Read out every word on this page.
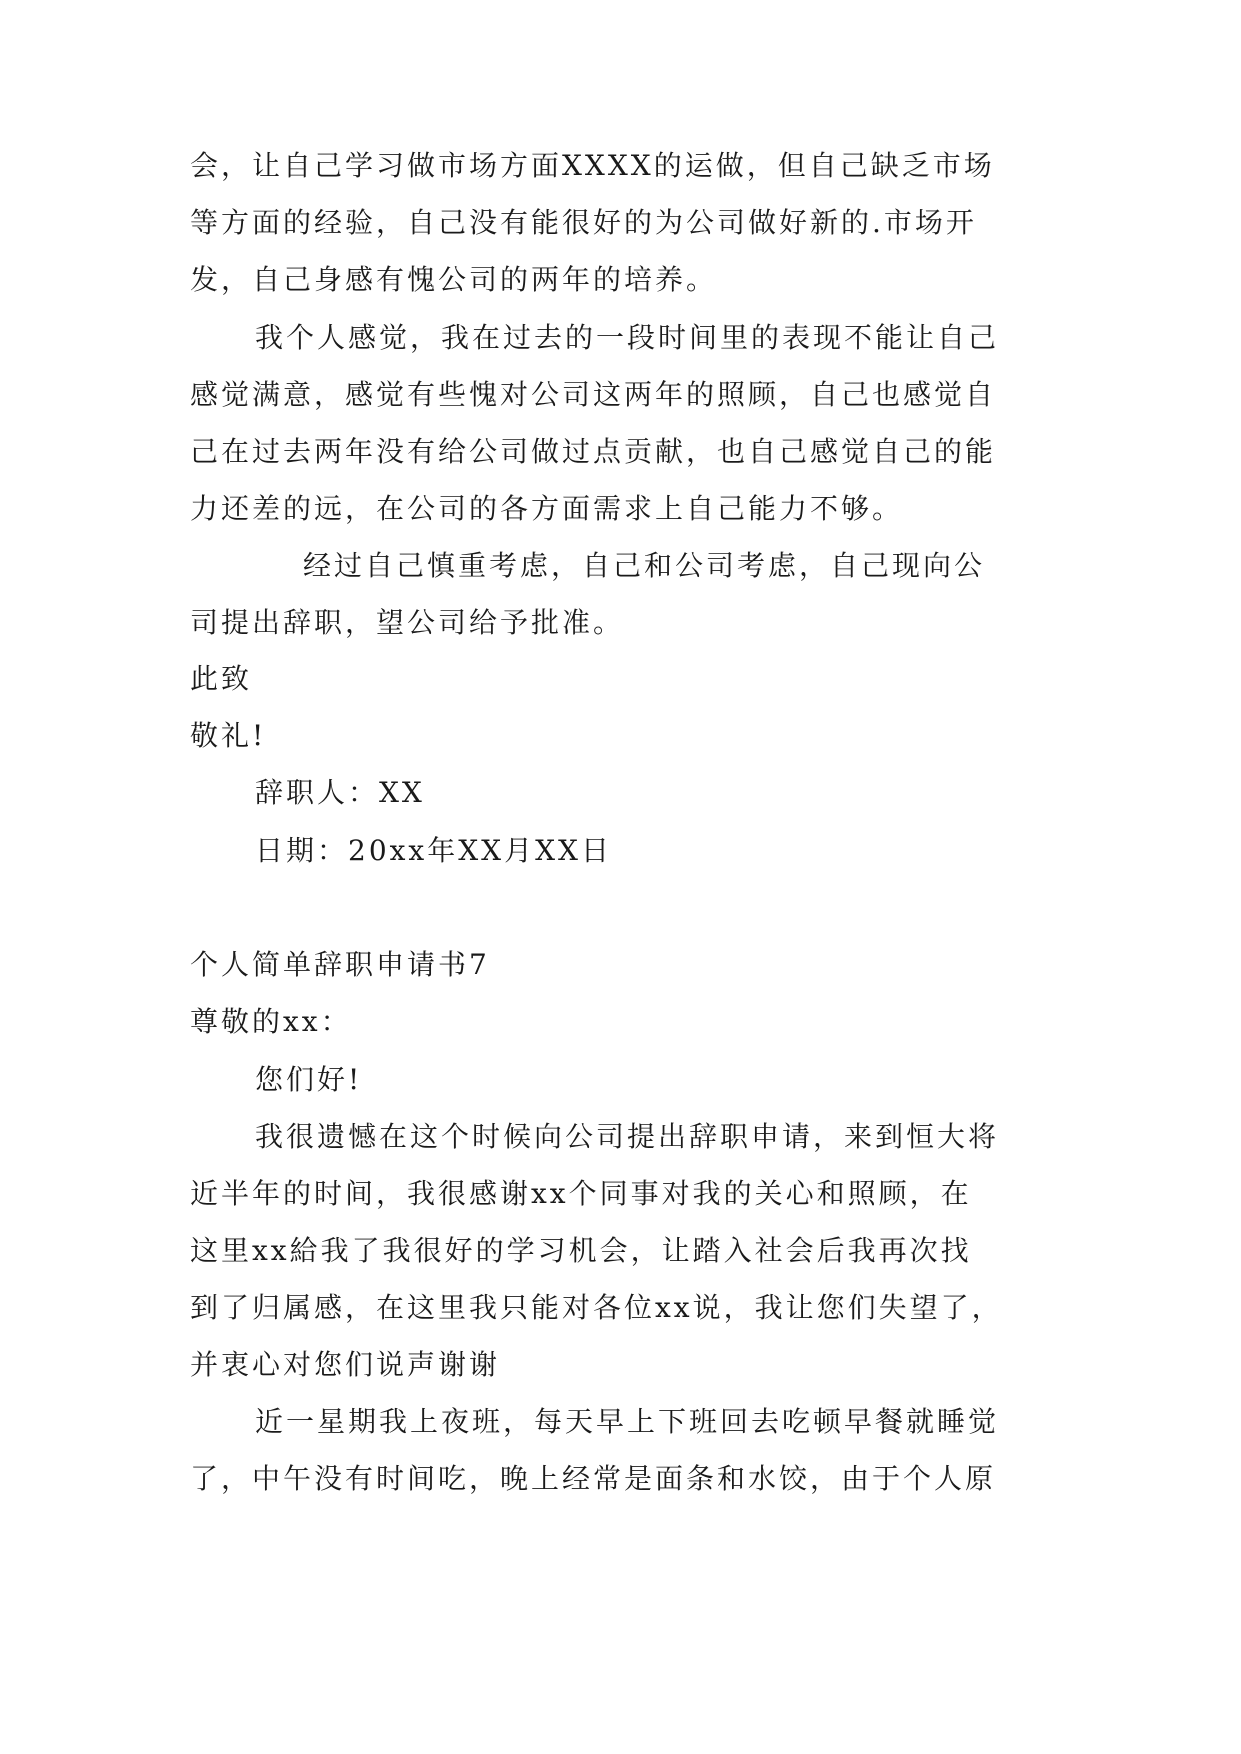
会，让自己学习做市场方面XXXX的运做，但自己缺乏市场
等方面的经验，自己没有能很好的为公司做好新的.市场开
发，自己身感有愧公司的两年的培养。
我个人感觉，我在过去的一段时间里的表现不能让自己
感觉满意，感觉有些愧对公司这两年的照顾，自己也感觉自
己在过去两年没有给公司做过点贡献，也自己感觉自己的能
力还差的远，在公司的各方面需求上自己能力不够。
经过自己慎重考虑，自己和公司考虑，自己现向公
司提出辞职，望公司给予批准。
此致
敬礼!
辞职人：XX
日期：20xx年XX月XX日
个人简单辞职申请书7
尊敬的xx：
您们好!
我很遗憾在这个时候向公司提出辞职申请，来到恒大将
近半年的时间，我很感谢xx个同事对我的关心和照顾，在
这里xx給我了我很好的学习机会，让踏入社会后我再次找
到了归属感，在这里我只能对各位xx说，我让您们失望了，
并衷心对您们说声谢谢
近一星期我上夜班，每天早上下班回去吃顿早餐就睡觉
了，中午没有时间吃，晚上经常是面条和水饺，由于个人原
